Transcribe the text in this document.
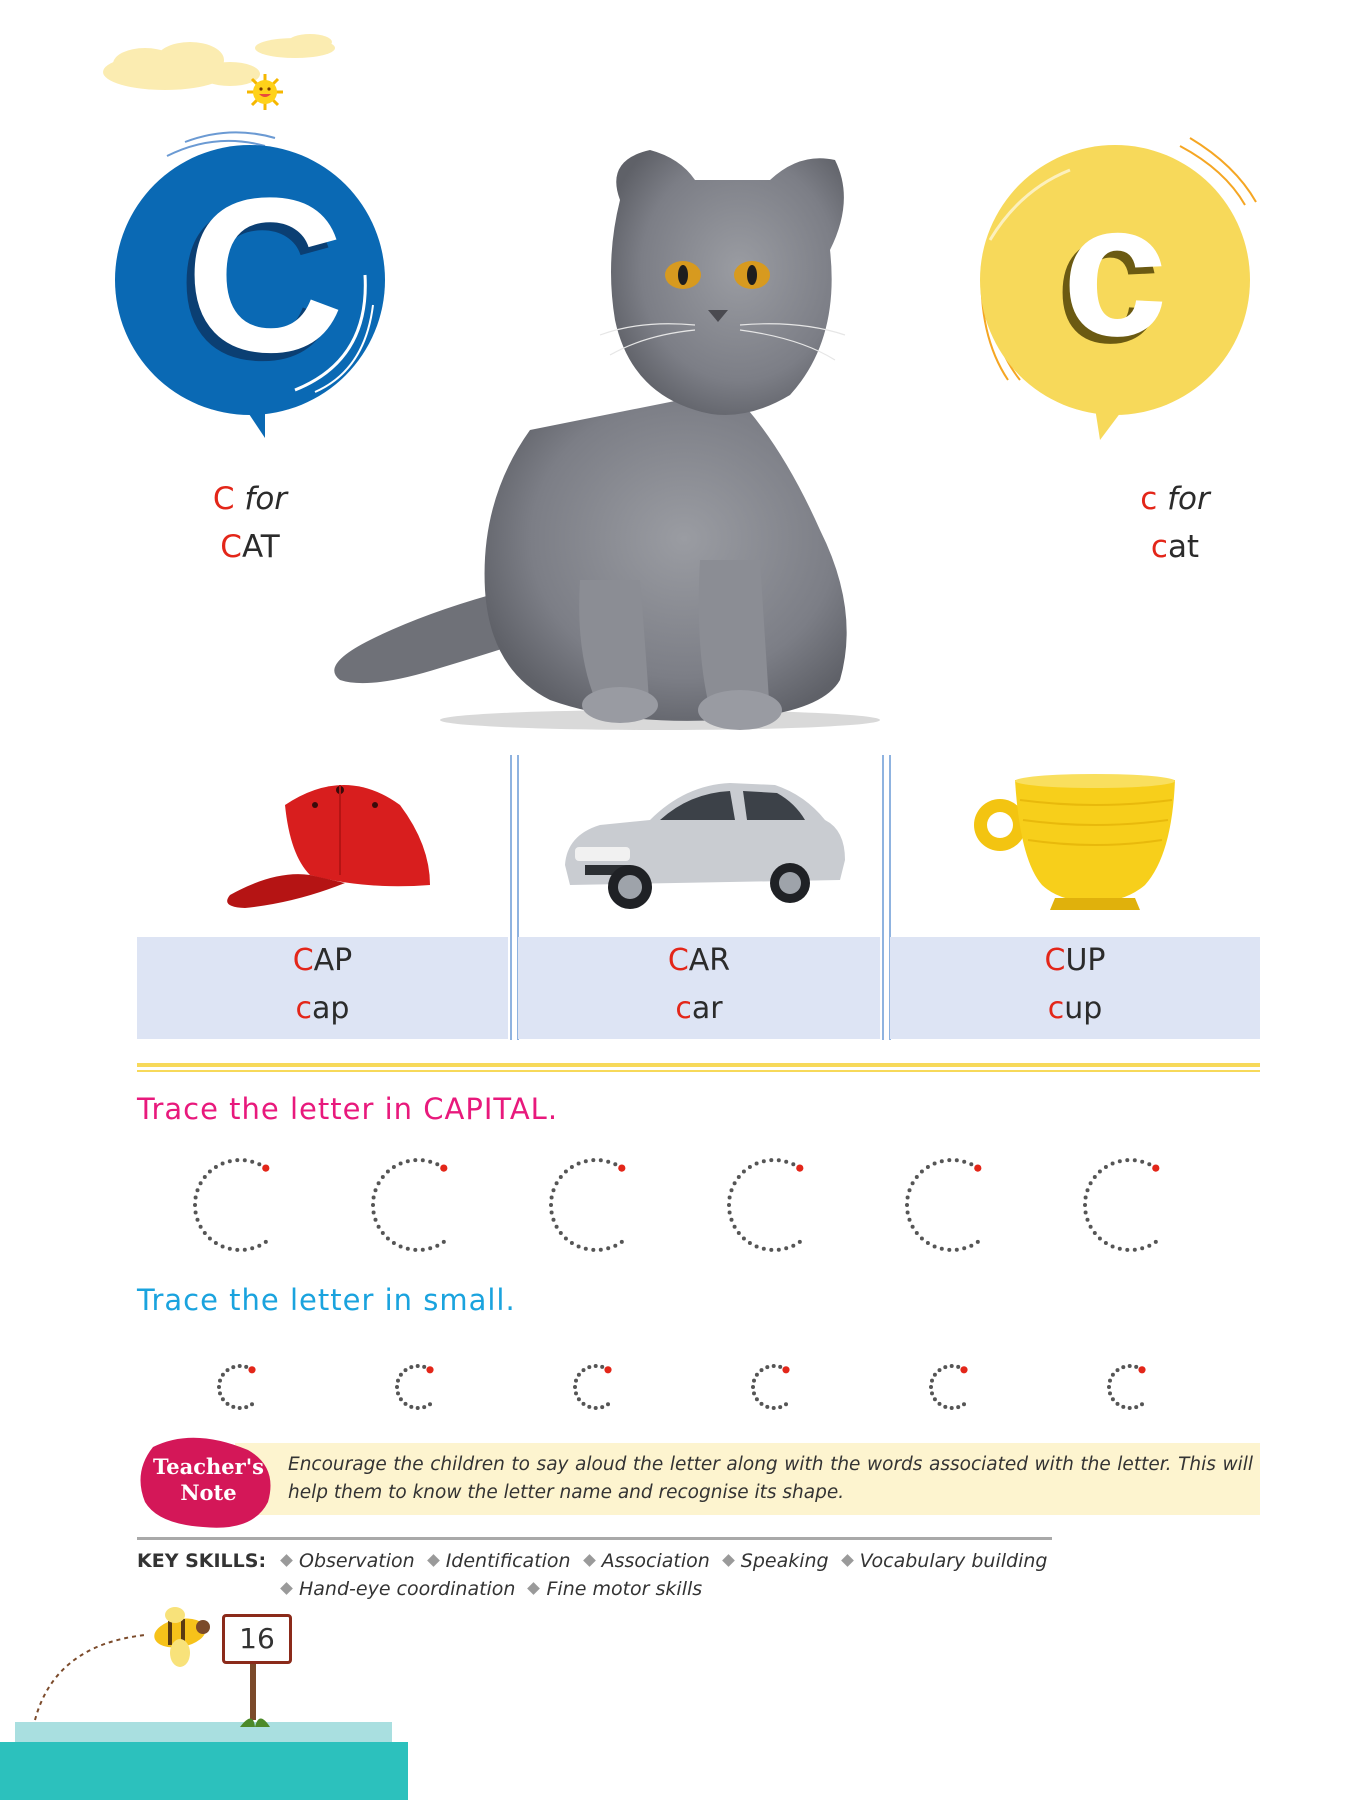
C	c
C for
CAT
c for
cat
CAP
cap
CAR
car
CUP
cup
Trace the letter in CAPITAL.
Trace the letter in small.
Teacher's
Note
Encourage the children to say aloud the letter along with the words associated with the letter. This will help them to know the letter name and recognise its shape.
KEY SKILLS:	Observation Identification Association Speaking Vocabulary building
Hand-eye coordination Fine motor skills
16
